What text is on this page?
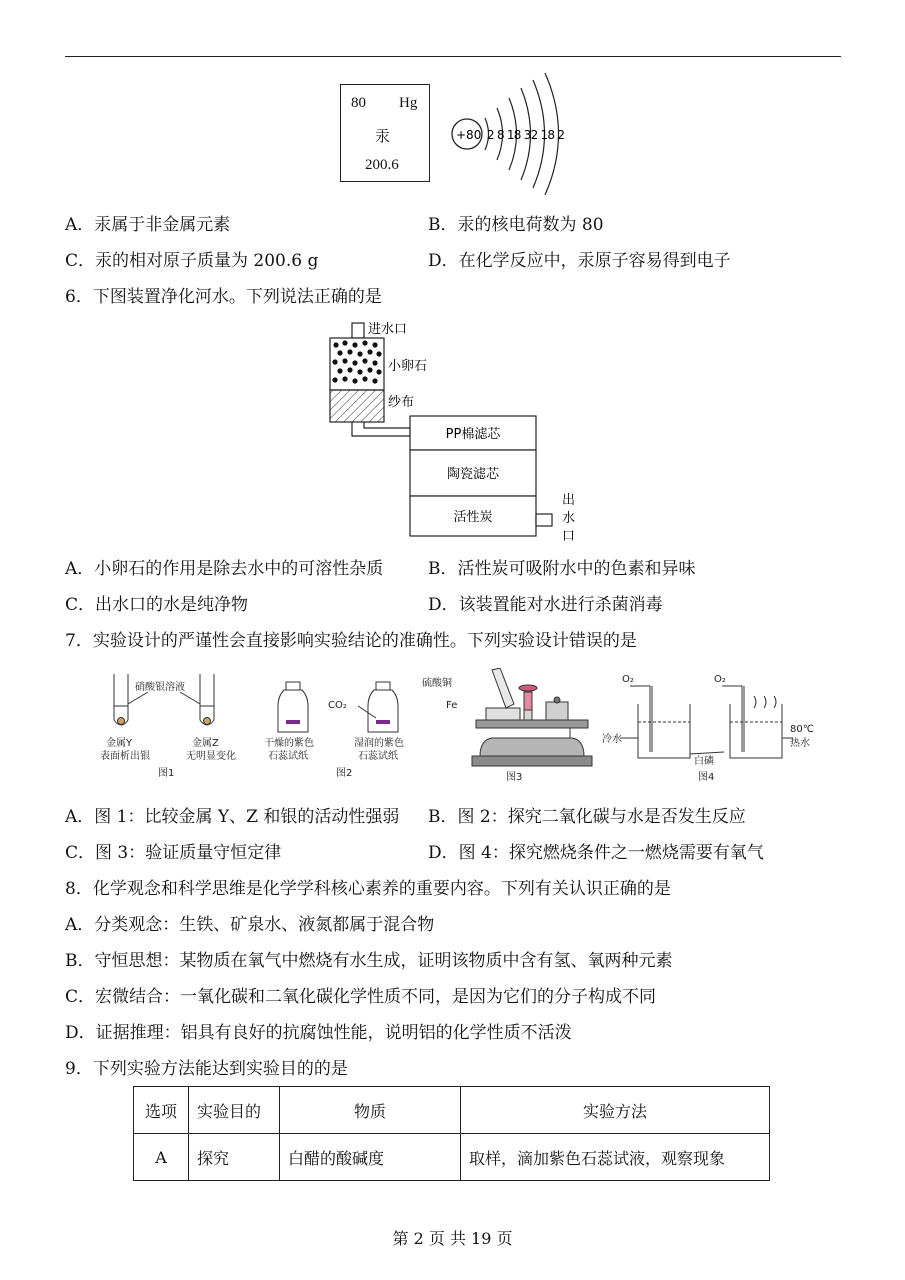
80 Hg
汞
200.6
+80 2 8 18 32 18 2
A．汞属于非金属元素	B．汞的核电荷数为 80
C．汞的相对原子质量为 200.6 g	D．在化学反应中，汞原子容易得到电子
6．下图装置净化河水。下列说法正确的是
PP棉滤芯
陶瓷滤芯
活性炭
进水口
小卵石
纱布
出
水
口
A．小卵石的作用是除去水中的可溶性杂质	B．活性炭可吸附水中的色素和异味
C．出水口的水是纯净物	D．该装置能对水进行杀菌消毒
7．实验设计的严谨性会直接影响实验结论的准确性。下列实验设计错误的是
硝酸银溶液
金属Y
表面析出银
金属Z
无明显变化
图1
CO₂
干燥的紫色
石蕊试纸
湿润的紫色
石蕊试纸
图2
硫酸铜
Fe
图3
O₂	O₂
冷水
白磷
80℃
热水
图4
A．图 1：比较金属 Y、Z 和银的活动性强弱 B．图 2：探究二氧化碳与水是否发生反应
C．图 3：验证质量守恒定律	D．图 4：探究燃烧条件之一燃烧需要有氧气
8．化学观念和科学思维是化学学科核心素养的重要内容。下列有关认识正确的是
A．分类观念：生铁、矿泉水、液氮都属于混合物
B．守恒思想：某物质在氧气中燃烧有水生成，证明该物质中含有氢、氧两种元素
C．宏微结合：一氧化碳和二氧化碳化学性质不同，是因为它们的分子构成不同
D．证据推理：铝具有良好的抗腐蚀性能，说明铝的化学性质不活泼
9．下列实验方法能达到实验目的的是
选项	实验目的	物质	实验方法
A	探究	白醋的酸碱度	取样，滴加紫色石蕊试液，观察现象
第 2 页 共 19 页
